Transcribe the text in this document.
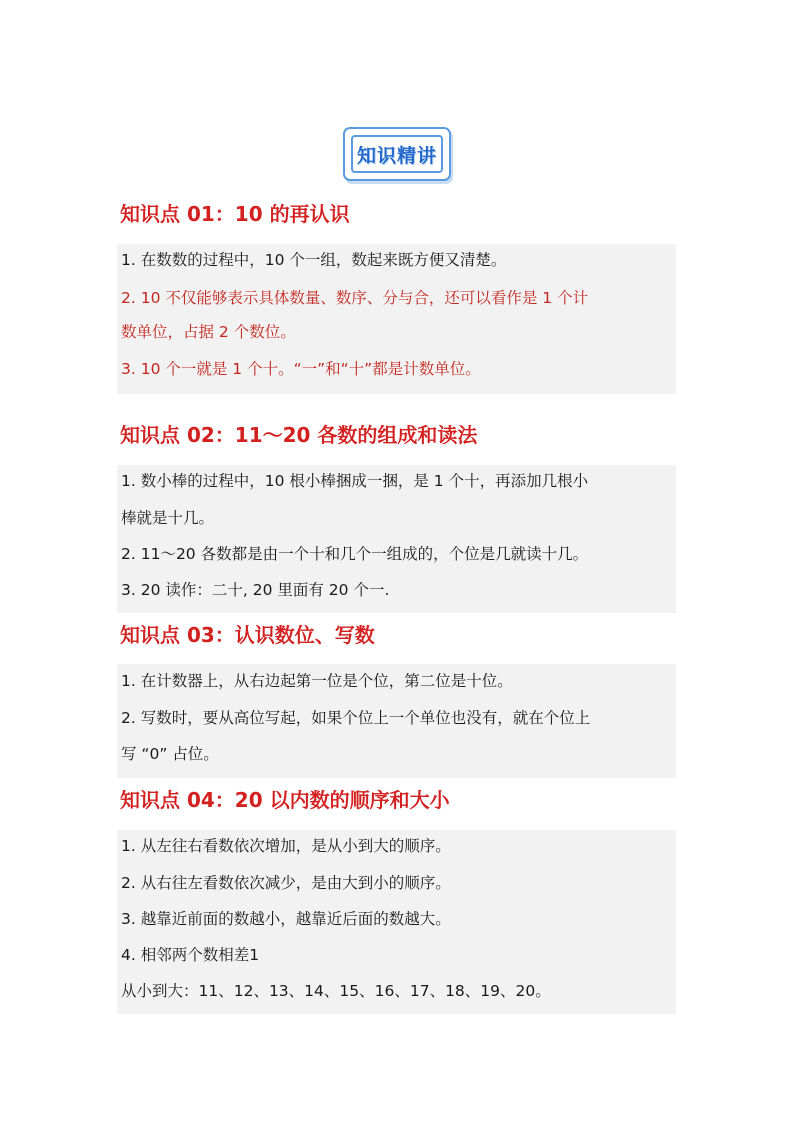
知识精讲
知识点 01：10 的再认识

1. 在数数的过程中，10 个一组，数起来既方便又清楚。

2. 10 不仅能够表示具体数量、数序、分与合，还可以看作是 1 个计

数单位，占据 2 个数位。

3. 10 个一就是 1 个十。“一”和“十”都是计数单位。

知识点 02：11～20 各数的组成和读法

1. 数小棒的过程中，10 根小棒捆成一捆，是 1 个十，再添加几根小

棒就是十几。

2. 11～20 各数都是由一个十和几个一组成的，个位是几就读十几。

3. 20 读作：二十, 20 里面有 20 个一.

知识点 03：认识数位、写数

1. 在计数器上，从右边起第一位是个位，第二位是十位。

2. 写数时，要从高位写起，如果个位上一个单位也没有，就在个位上

写 “0” 占位。

知识点 04：20 以内数的顺序和大小

1. 从左往右看数依次增加，是从小到大的顺序。

2. 从右往左看数依次减少，是由大到小的顺序。

3. 越靠近前面的数越小，越靠近后面的数越大。

4. 相邻两个数相差1

从小到大：11、12、13、14、15、16、17、18、19、20。
